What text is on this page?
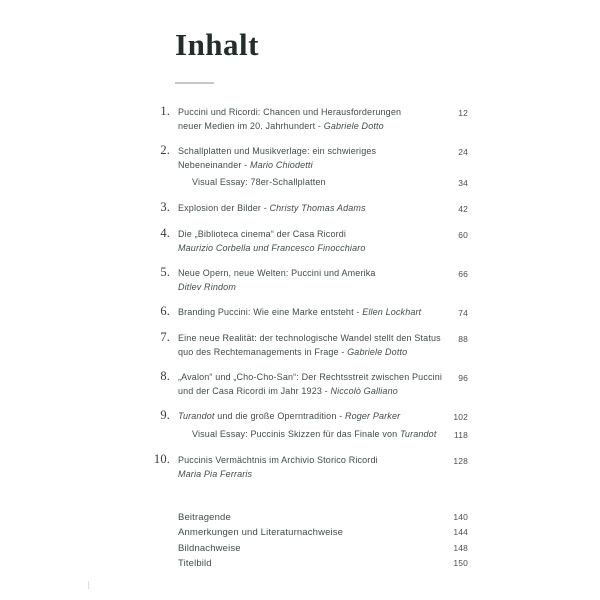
Inhalt
1. Puccini und Ricordi: Chancen und Herausforderungen
neuer Medien im 20. Jahrhundert - Gabriele Dotto
12
2. Schallplatten und Musikverlage: ein schwieriges
Nebeneinander - Mario Chiodetti
24
Visual Essay: 78er-Schallplatten	34
3. Explosion der Bilder - Christy Thomas Adams	42
4. Die „Biblioteca cinema“ der Casa Ricordi
Maurizio Corbella und Francesco Finocchiaro
60
5. Neue Opern, neue Welten: Puccini und Amerika
Ditlev Rindom
66
6. Branding Puccini: Wie eine Marke entsteht - Ellen Lockhart	74
7. Eine neue Realität: der technologische Wandel stellt den Status
quo des Rechtemanagements in Frage - Gabriele Dotto
88
8. „Avalon“ und „Cho-Cho-San“: Der Rechtsstreit zwischen Puccini
und der Casa Ricordi im Jahr 1923 - Niccolò Galliano
96
9. Turandot und die große Operntradition - Roger Parker	102
Visual Essay: Puccinis Skizzen für das Finale von Turandot	118
10. Puccinis Vermächtnis im Archivio Storico Ricordi
Maria Pia Ferraris
128
Beitragende	140
Anmerkungen und Literaturnachweise	144
Bildnachweise	148
Titelbild	150
